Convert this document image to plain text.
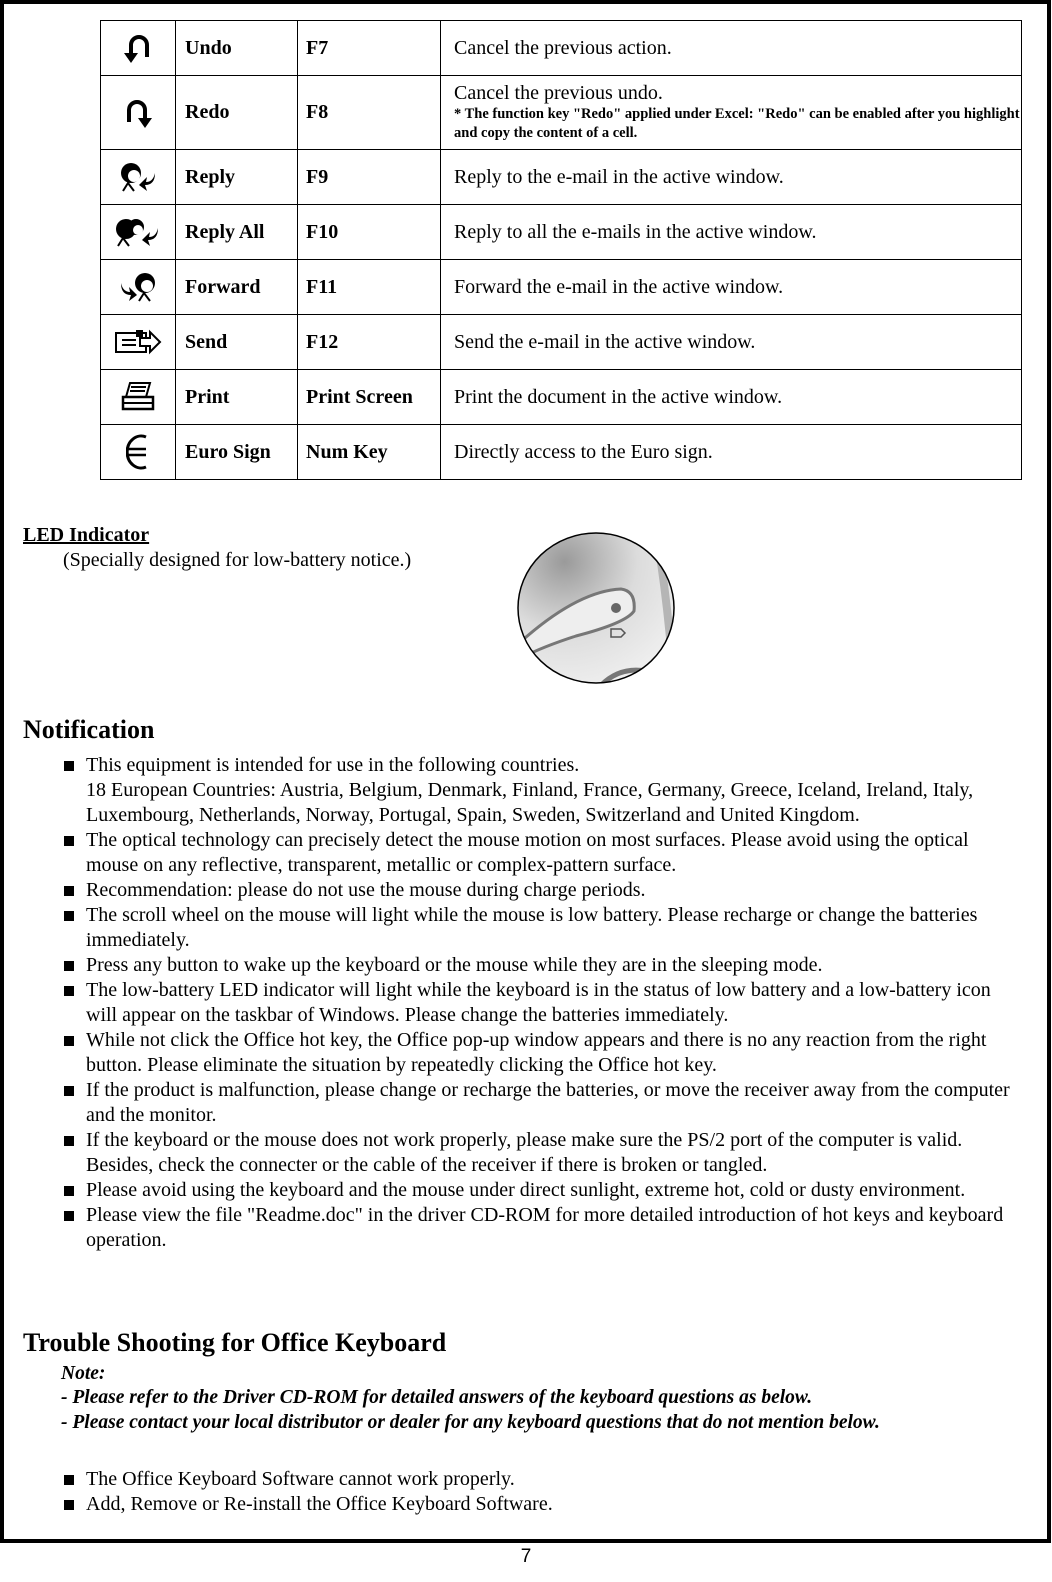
	Undo	F7	Cancel the previous action.

	Redo	F8	Cancel the previous undo.
* The function key "Redo" applied under Excel: "Redo" can be enabled after you highlight and copy the content of a cell.

	Reply	F9	Reply to the e-mail in the active window.

	Reply All	F10	Reply to all the e-mails in the active window.

	Forward	F11	Forward the e-mail in the active window.

	Send	F12	Send the e-mail in the active window.

	Print	Print Screen	Print the document in the active window.

	Euro Sign	Num Key	Directly access to the Euro sign.
LED Indicator
(Specially designed for low-battery notice.)
Notification
This equipment is intended for use in the following countries.
18 European Countries: Austria, Belgium, Denmark, Finland, France, Germany, Greece, Iceland, Ireland, Italy, Luxembourg, Netherlands, Norway, Portugal, Spain, Sweden, Switzerland and United Kingdom.
The optical technology can precisely detect the mouse motion on most surfaces. Please avoid using the optical mouse on any reflective, transparent, metallic or complex-pattern surface.
Recommendation: please do not use the mouse during charge periods.
The scroll wheel on the mouse will light while the mouse is low battery. Please recharge or change the batteries immediately.
Press any button to wake up the keyboard or the mouse while they are in the sleeping mode.
The low-battery LED indicator will light while the keyboard is in the status of low battery and a low-battery icon will appear on the taskbar of Windows. Please change the batteries immediately.
While not click the Office hot key, the Office pop-up window appears and there is no any reaction from the right button. Please eliminate the situation by repeatedly clicking the Office hot key.
If the product is malfunction, please change or recharge the batteries, or move the receiver away from the computer and the monitor.
If the keyboard or the mouse does not work properly, please make sure the PS/2 port of the computer is valid. Besides, check the connecter or the cable of the receiver if there is broken or tangled.
Please avoid using the keyboard and the mouse under direct sunlight, extreme hot, cold or dusty environment.
Please view the file "Readme.doc" in the driver CD-ROM for more detailed introduction of hot keys and keyboard operation.
Trouble Shooting for Office Keyboard
Note:
- Please refer to the Driver CD-ROM for detailed answers of the keyboard questions as below.
- Please contact your local distributor or dealer for any keyboard questions that do not mention below.
The Office Keyboard Software cannot work properly.
Add, Remove or Re-install the Office Keyboard Software.
7
